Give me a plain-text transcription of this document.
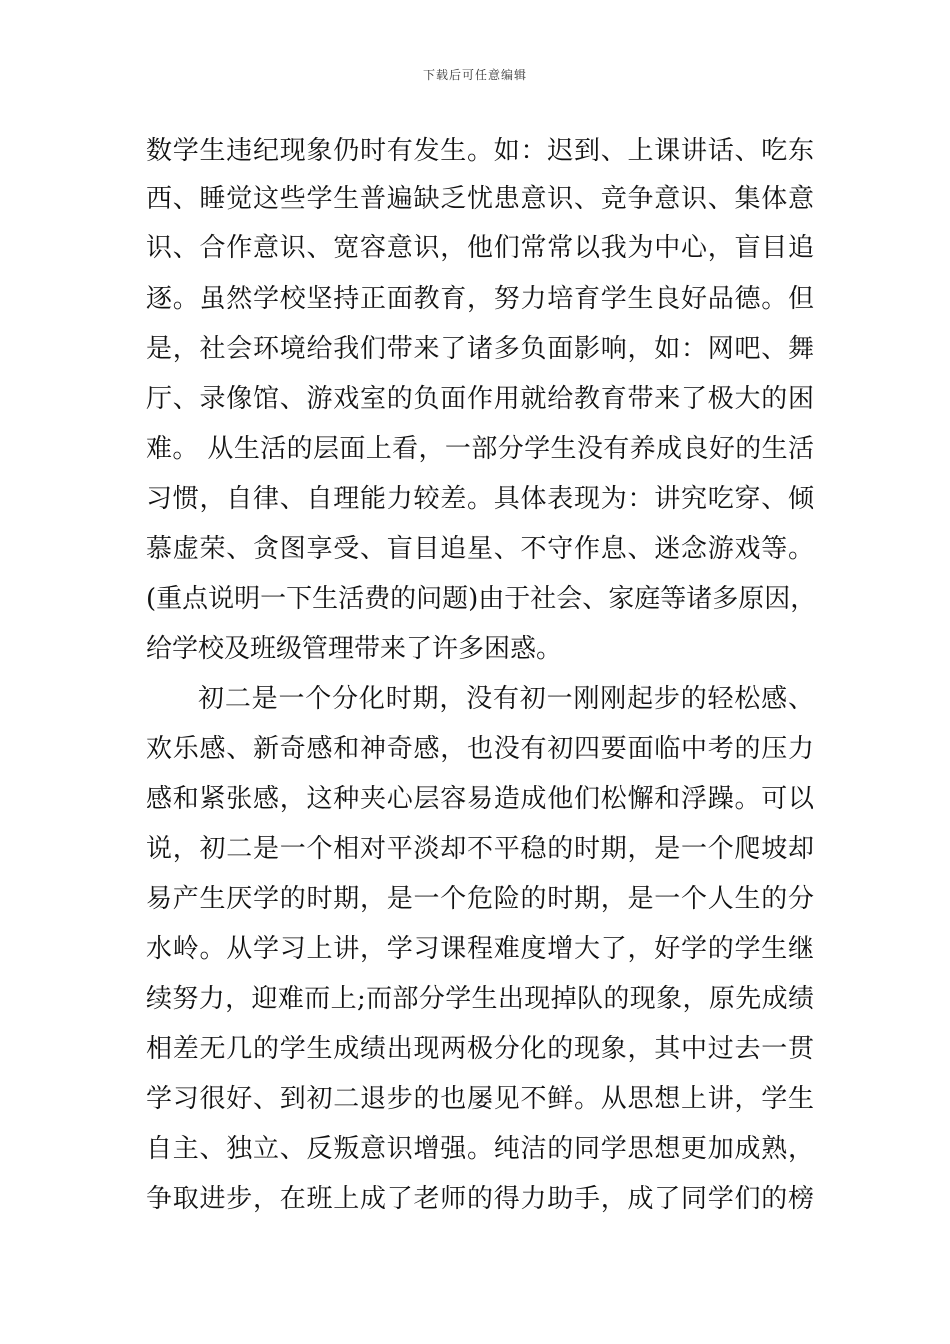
下载后可任意编辑
数学生违纪现象仍时有发生。如：迟到、上课讲话、吃东
西、睡觉这些学生普遍缺乏忧患意识、竞争意识、集体意
识、合作意识、宽容意识，他们常常以我为中心，盲目追
逐。虽然学校坚持正面教育，努力培育学生良好品德。但
是，社会环境给我们带来了诸多负面影响，如：网吧、舞
厅、录像馆、游戏室的负面作用就给教育带来了极大的困
难。 从生活的层面上看，一部分学生没有养成良好的生活
习惯，自律、自理能力较差。具体表现为：讲究吃穿、倾
慕虚荣、贪图享受、盲目追星、不守作息、迷念游戏等。
(重点说明一下生活费的问题)由于社会、家庭等诸多原因，
给学校及班级管理带来了许多困惑。
初二是一个分化时期，没有初一刚刚起步的轻松感、
欢乐感、新奇感和神奇感，也没有初四要面临中考的压力
感和紧张感，这种夹心层容易造成他们松懈和浮躁。可以
说，初二是一个相对平淡却不平稳的时期，是一个爬坡却
易产生厌学的时期，是一个危险的时期，是一个人生的分
水岭。从学习上讲，学习课程难度增大了，好学的学生继
续努力，迎难而上;而部分学生出现掉队的现象，原先成绩
相差无几的学生成绩出现两极分化的现象，其中过去一贯
学习很好、到初二退步的也屡见不鲜。从思想上讲，学生
自主、独立、反叛意识增强。纯洁的同学思想更加成熟，
争取进步，在班上成了老师的得力助手，成了同学们的榜
